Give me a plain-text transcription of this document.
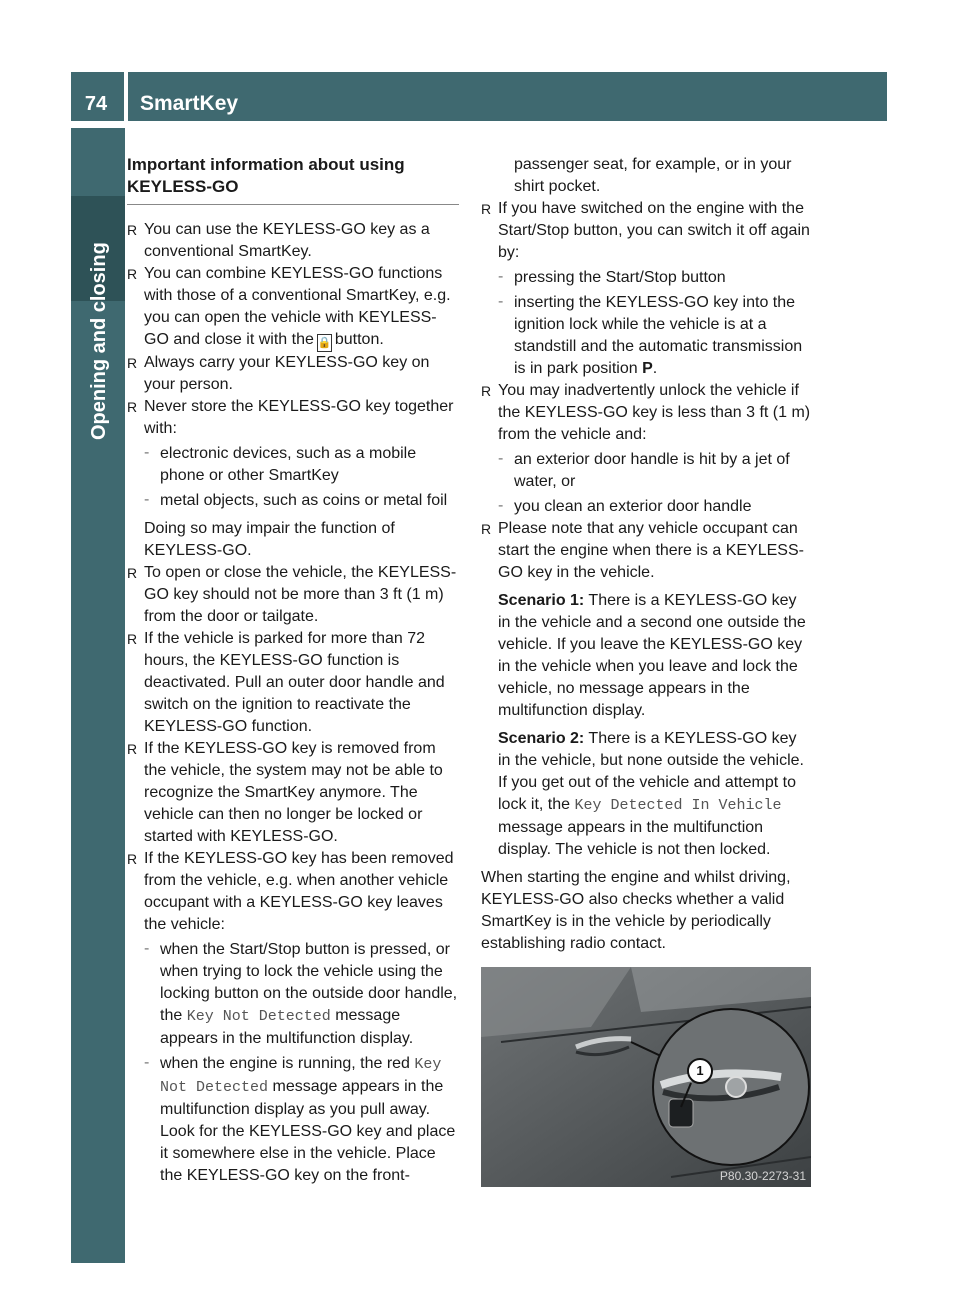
74	SmartKey
Opening and closing
Important information about using KEYLESS-GO

R You can use the KEYLESS-GO key as a conventional SmartKey.

R You can combine KEYLESS-GO functions with those of a conventional SmartKey, e.g. you can open the vehicle with KEYLESS-GO and close it with the 🔒 button.

R Always carry your KEYLESS-GO key on your person.

R Never store the KEYLESS-GO key together with:

- electronic devices, such as a mobile phone or other SmartKey

- metal objects, such as coins or metal foil

Doing so may impair the function of KEYLESS-GO.

R To open or close the vehicle, the KEYLESS-GO key should not be more than 3 ft (1 m) from the door or tailgate.

R If the vehicle is parked for more than 72 hours, the KEYLESS-GO function is deactivated. Pull an outer door handle and switch on the ignition to reactivate the KEYLESS-GO function.

R If the KEYLESS-GO key is removed from the vehicle, the system may not be able to recognize the SmartKey anymore. The vehicle can then no longer be locked or started with KEYLESS-GO.

R If the KEYLESS-GO key has been removed from the vehicle, e.g. when another vehicle occupant with a KEYLESS-GO key leaves the vehicle:

- when the Start/Stop button is pressed, or when trying to lock the vehicle using the locking button on the outside door handle, the Key Not Detected message appears in the multifunction display.

- when the engine is running, the red Key Not Detected message appears in the multifunction display as you pull away. Look for the KEYLESS-GO key and place it somewhere else in the vehicle. Place the KEYLESS-GO key on the front-

passenger seat, for example, or in your shirt pocket.

R If you have switched on the engine with the Start/Stop button, you can switch it off again by:

- pressing the Start/Stop button

- inserting the KEYLESS-GO key into the ignition lock while the vehicle is at a standstill and the automatic transmission is in park position P.

R You may inadvertently unlock the vehicle if the KEYLESS-GO key is less than 3 ft (1 m) from the vehicle and:

- an exterior door handle is hit by a jet of water, or

- you clean an exterior door handle

R Please note that any vehicle occupant can start the engine when there is a KEYLESS-GO key in the vehicle.

Scenario 1: There is a KEYLESS-GO key in the vehicle and a second one outside the vehicle. If you leave the KEYLESS-GO key in the vehicle when you leave and lock the vehicle, no message appears in the multifunction display.

Scenario 2: There is a KEYLESS-GO key in the vehicle, but none outside the vehicle. If you get out of the vehicle and attempt to lock it, the Key Detected In Vehicle message appears in the multifunction display. The vehicle is not then locked.

When starting the engine and whilst driving, KEYLESS-GO also checks whether a valid SmartKey is in the vehicle by periodically establishing radio contact.

1
P80.30-2273-31
